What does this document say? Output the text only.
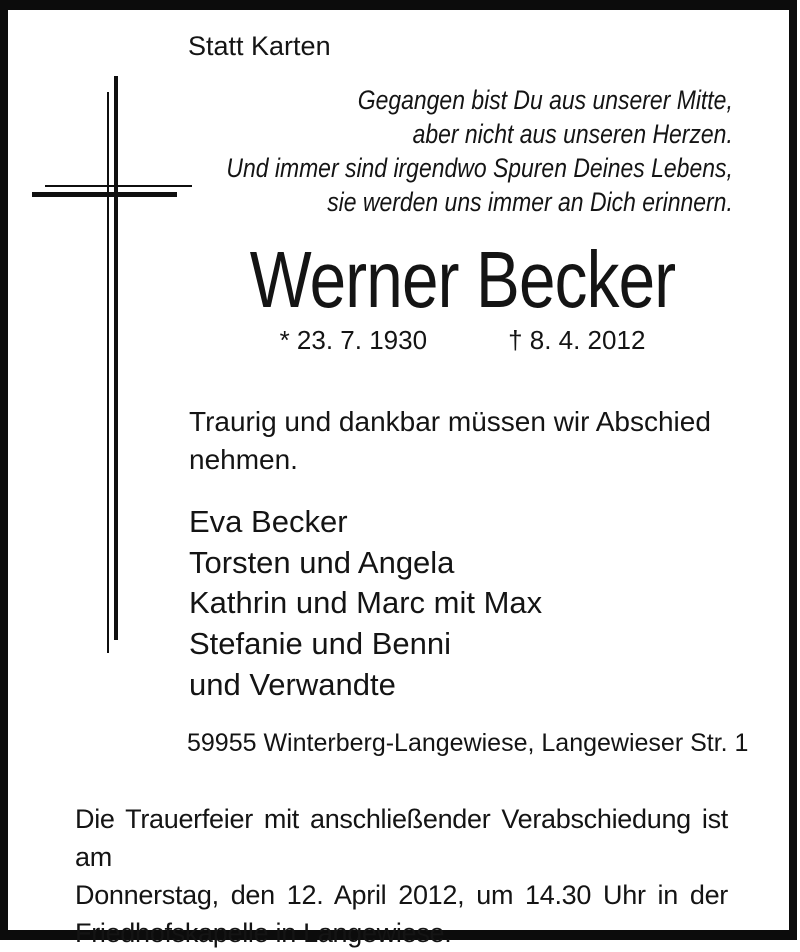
Statt Karten
Gegangen bist Du aus unserer Mitte,
aber nicht aus unseren Herzen.
Und immer sind irgendwo Spuren Deines Lebens,
sie werden uns immer an Dich erinnern.
Werner Becker
* 23. 7. 1930	† 8. 4. 2012
Traurig und dankbar müssen wir Abschied
nehmen.
Eva Becker
Torsten und Angela
Kathrin und Marc mit Max
Stefanie und Benni
und Verwandte
59955 Winterberg-Langewiese, Langewieser Str. 1
Die Trauerfeier mit anschließender Verabschiedung ist am
Donnerstag, den 12. April 2012, um 14.30 Uhr in der
Friedhofskapelle in Langewiese.
